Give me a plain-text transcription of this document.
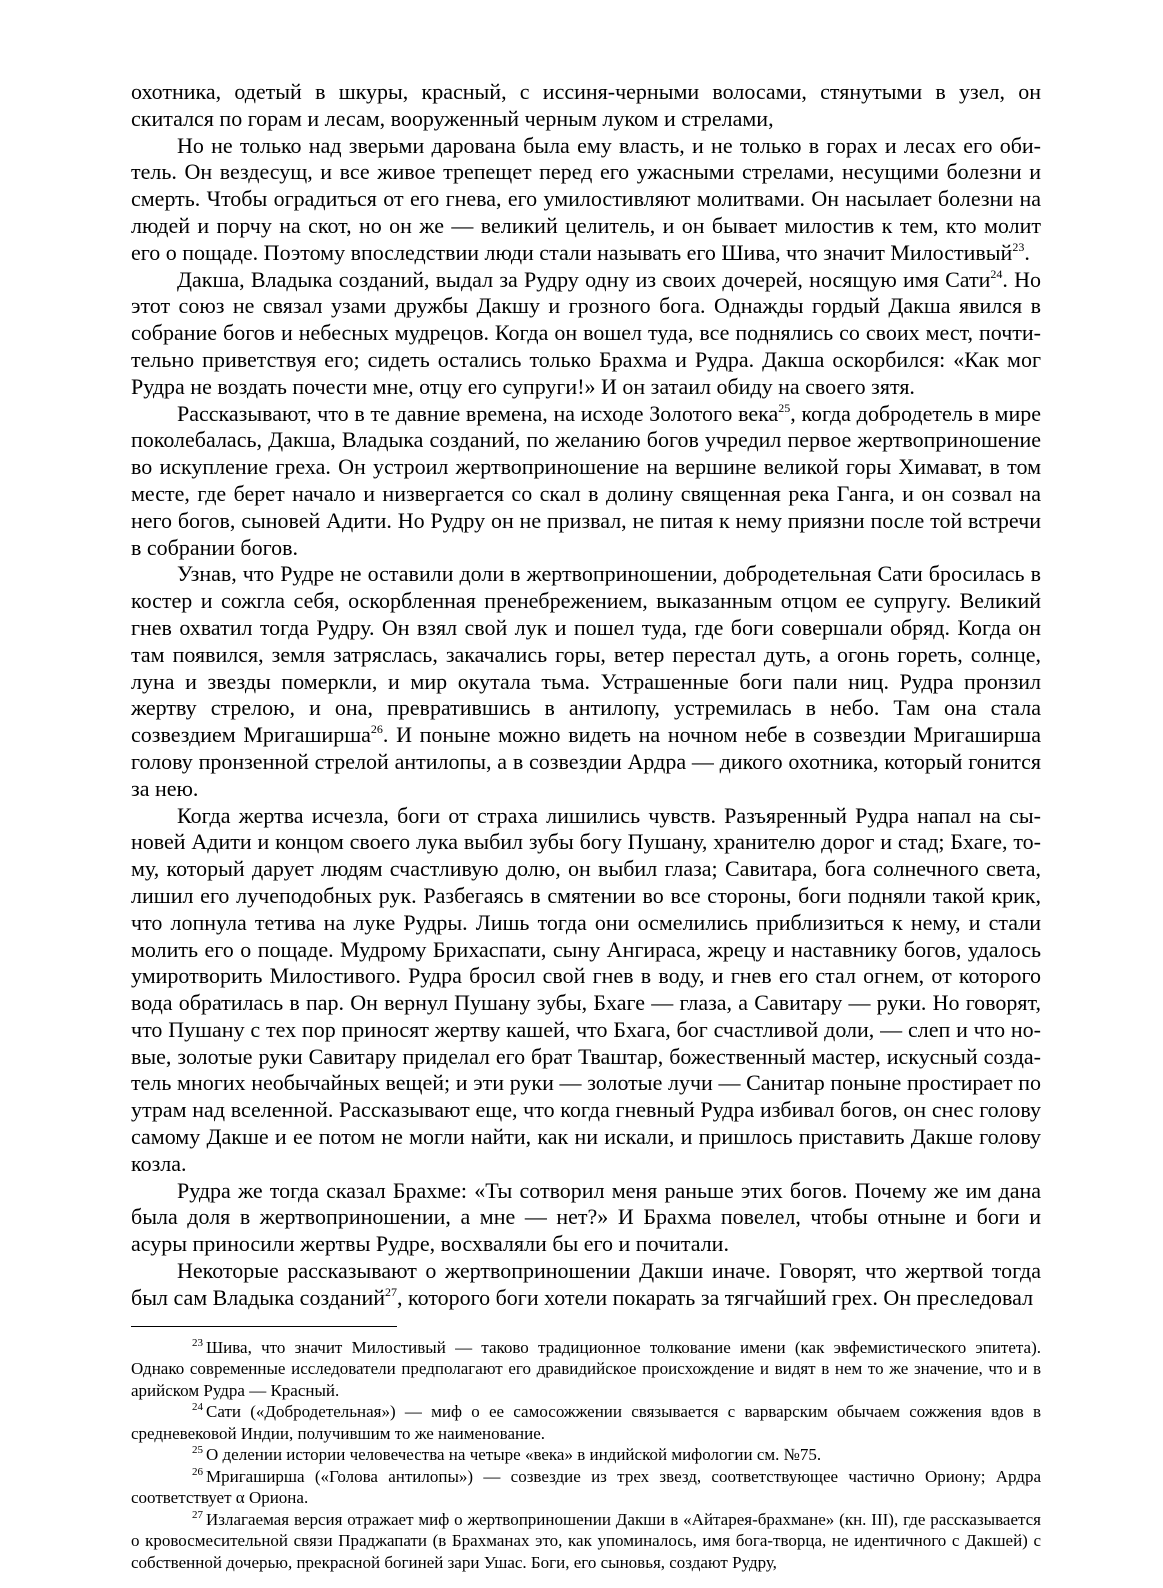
охотника, одетый в шкуры, красный, с иссиня-черными волосами, стянутыми в узел, он скитался по горам и лесам, вооруженный черным луком и стрелами,

Но не только над зверьми дарована была ему власть, и не только в горах и лесах его обитель. Он вездесущ, и все живое трепещет перед его ужасными стрелами, несущими болезни и смерть. Чтобы оградиться от его гнева, его умилостивляют молитвами. Он насылает болезни на людей и порчу на скот, но он же — великий целитель, и он бывает милостив к тем, кто молит его о пощаде. Поэтому впоследствии люди стали называть его Шива, что значит Милостивый$^{23}$.

Дакша, Владыка созданий, выдал за Рудру одну из своих дочерей, носящую имя Сати$^{24}$. Но этот союз не связал узами дружбы Дакшу и грозного бога. Однажды гордый Дакша явился в собрание богов и небесных мудрецов. Когда он вошел туда, все поднялись со своих мест, почтительно приветствуя его; сидеть остались только Брахма и Рудра. Дакша оскорбился: «Как мог Рудра не воздать почести мне, отцу его супруги!» И он затаил обиду на своего зятя.

Рассказывают, что в те давние времена, на исходе Золотого века$^{25}$, когда добродетель в мире поколебалась, Дакша, Владыка созданий, по желанию богов учредил первое жертвоприношение во искупление греха. Он устроил жертвоприношение на вершине великой горы Химават, в том месте, где берет начало и низвергается со скал в долину священная река Ганга, и он созвал на него богов, сыновей Адити. Но Рудру он не призвал, не питая к нему приязни после той встречи в собрании богов.

Узнав, что Рудре не оставили доли в жертвоприношении, добродетельная Сати бросилась в костер и сожгла себя, оскорбленная пренебрежением, выказанным отцом ее супругу. Великий гнев охватил тогда Рудру. Он взял свой лук и пошел туда, где боги совершали обряд. Когда он там появился, земля затряслась, закачались горы, ветер перестал дуть, а огонь гореть, солнце, луна и звезды померкли, и мир окутала тьма. Устрашенные боги пали ниц. Рудра пронзил жертву стрелою, и она, превратившись в антилопу, устремилась в небо. Там она стала созвездием Мригаширша$^{26}$. И поныне можно видеть на ночном небе в созвездии Мригаширша голову пронзенной стрелой антилопы, а в созвездии Ардра — дикого охотника, который гонится за нею.

Когда жертва исчезла, боги от страха лишились чувств. Разъяренный Рудра напал на сыновей Адити и концом своего лука выбил зубы богу Пушану, хранителю дорог и стад; Бхаге, тому, который дарует людям счастливую долю, он выбил глаза; Савитара, бога солнечного света, лишил его лучеподобных рук. Разбегаясь в смятении во все стороны, боги подняли такой крик, что лопнула тетива на луке Рудры. Лишь тогда они осмелились приблизиться к нему, и стали молить его о пощаде. Мудрому Брихаспати, сыну Ангираса, жрецу и наставнику богов, удалось умиротворить Милостивого. Рудра бросил свой гнев в воду, и гнев его стал огнем, от которого вода обратилась в пар. Он вернул Пушану зубы, Бхаге — глаза, а Савитару — руки. Но говорят, что Пушану с тех пор приносят жертву кашей, что Бхага, бог счастливой доли, — слеп и что новые, золотые руки Савитару приделал его брат Тваштар, божественный мастер, искусный создатель многих необычайных вещей; и эти руки — золотые лучи — Санитар поныне простирает по утрам над вселенной. Рассказывают еще, что когда гневный Рудра избивал богов, он снес голову самому Дакше и ее потом не могли найти, как ни искали, и пришлось приставить Дакше голову козла.

Рудра же тогда сказал Брахме: «Ты сотворил меня раньше этих богов. Почему же им дана была доля в жертвоприношении, а мне — нет?» И Брахма повелел, чтобы отныне и боги и асуры приносили жертвы Рудре, восхваляли бы его и почитали.

Некоторые рассказывают о жертвоприношении Дакши иначе. Говорят, что жертвой тогда был сам Владыка созданий$^{27}$, которого боги хотели покарать за тягчайший грех. Он преследовал

$^{23}$ Шива, что значит Милостивый — таково традиционное толкование имени (как эвфемистического эпитета). Однако современные исследователи предполагают его дравидийское происхождение и видят в нем то же значение, что и в арийском Рудра — Красный.

$^{24}$ Сати («Добродетельная») — миф о ее самосожжении связывается с варварским обычаем сожжения вдов в средневековой Индии, получившим то же наименование.

$^{25}$ О делении истории человечества на четыре «века» в индийской мифологии см. №75.

$^{26}$ Мригаширша («Голова антилопы») — созвездие из трех звезд, соответствующее частично Ориону; Ардра соответствует α Ориона.

$^{27}$ Излагаемая версия отражает миф о жертвоприношении Дакши в «Айтарея-брахмане» (кн. III), где рассказывается о кровосмесительной связи Праджапати (в Брахманах это, как упоминалось, имя бога-творца, не идентичного с Дакшей) с собственной дочерью, прекрасной богиней зари Ушас. Боги, его сыновья, создают Рудру,
